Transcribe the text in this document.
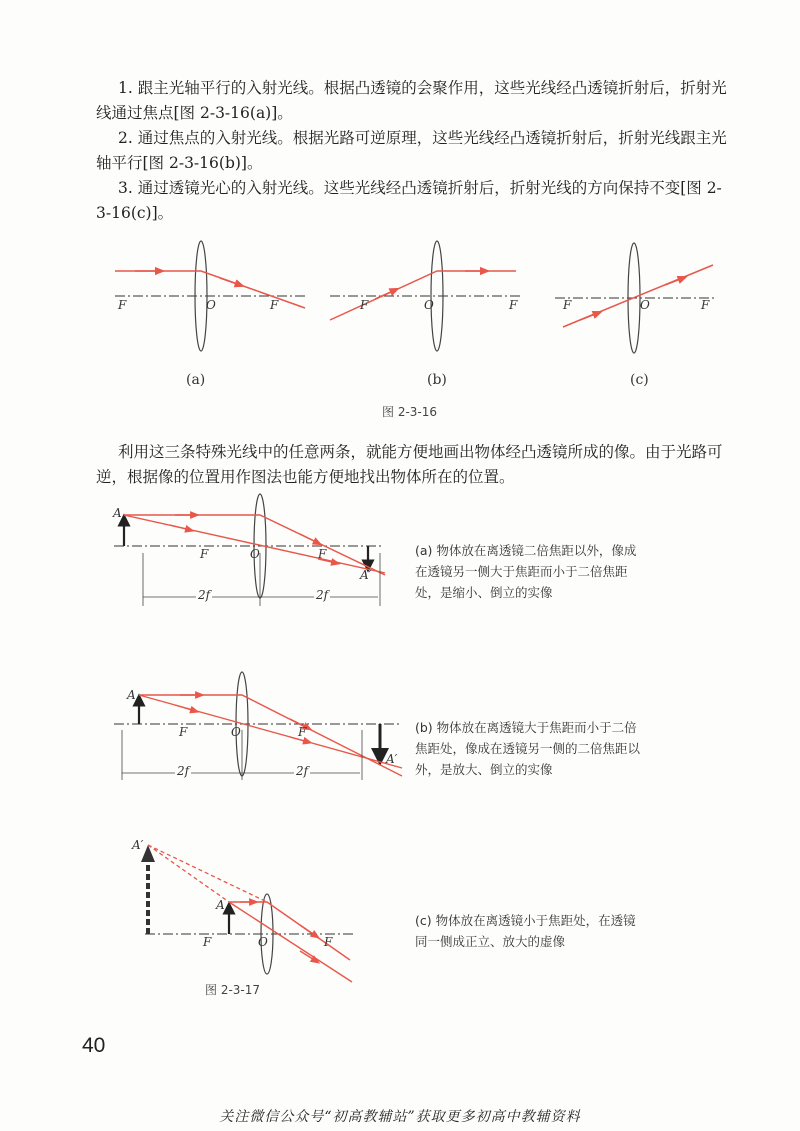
1. 跟主光轴平行的入射光线。根据凸透镜的会聚作用，这些光线经凸透镜折射后，折射光线通过焦点[图 2-3-16(a)]。

2. 通过焦点的入射光线。根据光路可逆原理，这些光线经凸透镜折射后，折射光线跟主光轴平行[图 2-3-16(b)]。

3. 通过透镜光心的入射光线。这些光线经凸透镜折射后，折射光线的方向保持不变[图 2-3-16(c)]。

F	O	F	F	O	F	F	O	F
(a)	(b)	(c)
图 2-3-16

利用这三条特殊光线中的任意两条，就能方便地画出物体经凸透镜所成的像。由于光路可逆，根据像的位置用作图法也能方便地找出物体所在的位置。

A
F	O	F
A′
2f	2f
(a) 物体放在离透镜二倍焦距以外，像成在透镜另一侧大于焦距而小于二倍焦距处，是缩小、倒立的实像
A
F	O	F
A′
2f	2f
(b) 物体放在离透镜大于焦距而小于二倍焦距处，像成在透镜另一侧的二倍焦距以外，是放大、倒立的实像
A′
A
F	O	F
(c) 物体放在离透镜小于焦距处，在透镜同一侧成正立、放大的虚像
图 2-3-17
40
关注微信公众号“初高教辅站”获取更多初高中教辅资料
